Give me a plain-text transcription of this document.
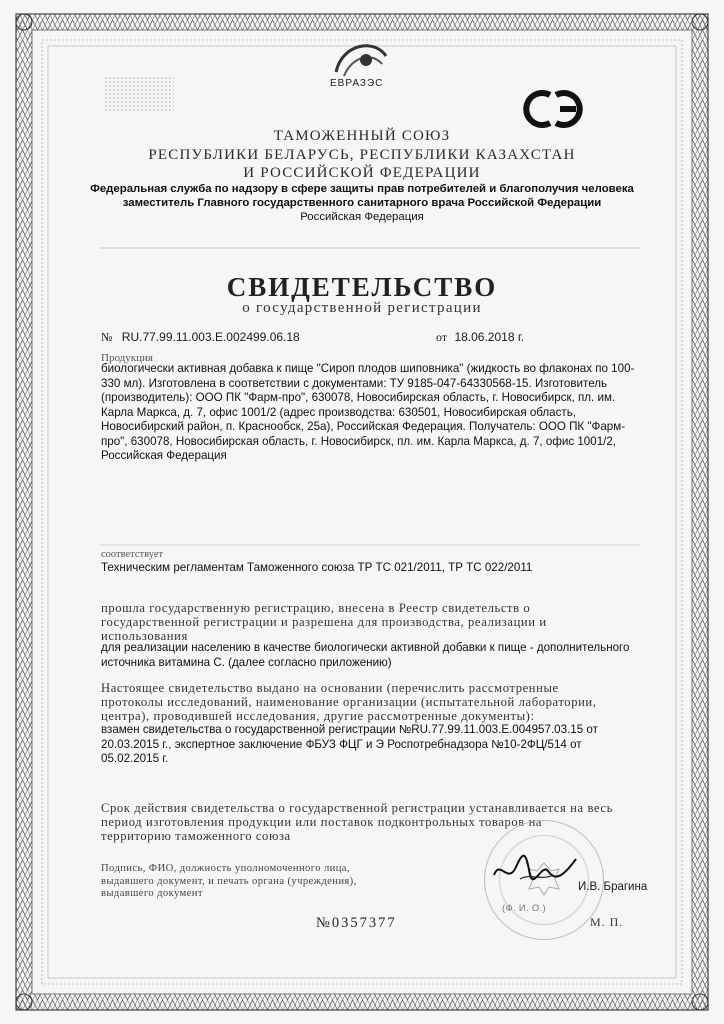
ЕВРАЗЭС
ТАМОЖЕННЫЙ СОЮЗ
РЕСПУБЛИКИ БЕЛАРУСЬ, РЕСПУБЛИКИ КАЗАХСТАН
И РОССИЙСКОЙ ФЕДЕРАЦИИ
Федеральная служба по надзору в сфере защиты прав потребителей и благополучия человека
заместитель Главного государственного санитарного врача Российской Федерации
Российская Федерация
СВИДЕТЕЛЬСТВО
о государственной регистрации
№ RU.77.99.11.003.Е.002499.06.18	от 18.06.2018 г.
Продукция
биологически активная добавка к пище "Сироп плодов шиповника" (жидкость во флаконах по 100-
330 мл). Изготовлена в соответствии с документами: ТУ 9185-047-64330568-15. Изготовитель
(производитель): ООО ПК "Фарм-про", 630078, Новосибирская область, г. Новосибирск, пл. им.
Карла Маркса, д. 7, офис 1001/2 (адрес производства: 630501, Новосибирская область,
Новосибирский район, п. Краснообск, 25а), Российская Федерация. Получатель: ООО ПК "Фарм-
про", 630078, Новосибирская область, г. Новосибирск, пл. им. Карла Маркса, д. 7, офис 1001/2,
Российская Федерация
соответствует
Техническим регламентам Таможенного союза ТР ТС 021/2011, ТР ТС 022/2011
прошла государственную регистрацию, внесена в Реестр свидетельств о
государственной регистрации и разрешена для производства, реализации и
использования
для реализации населению в качестве биологически активной добавки к пище - дополнительного
источника витамина С. (далее согласно приложению)
Настоящее свидетельство выдано на основании (перечислить рассмотренные
протоколы исследований, наименование организации (испытательной лаборатории,
центра), проводившей исследования, другие рассмотренные документы):
взамен свидетельства о государственной регистрации №RU.77.99.11.003.Е.004957.03.15 от
20.03.2015 г., экспертное заключение ФБУЗ ФЦГ и Э Роспотребнадзора №10-2ФЦ/514 от
05.02.2015 г.
Срок действия свидетельства о государственной регистрации устанавливается на весь
период изготовления продукции или поставок подконтрольных товаров на
территорию таможенного союза
Подпись, ФИО, должность уполномоченного лица,
выдавшего документ, и печать органа (учреждения),
выдавшего документ
И.В. Брагина
(Ф. И. О.)
№0357377	М. П.
